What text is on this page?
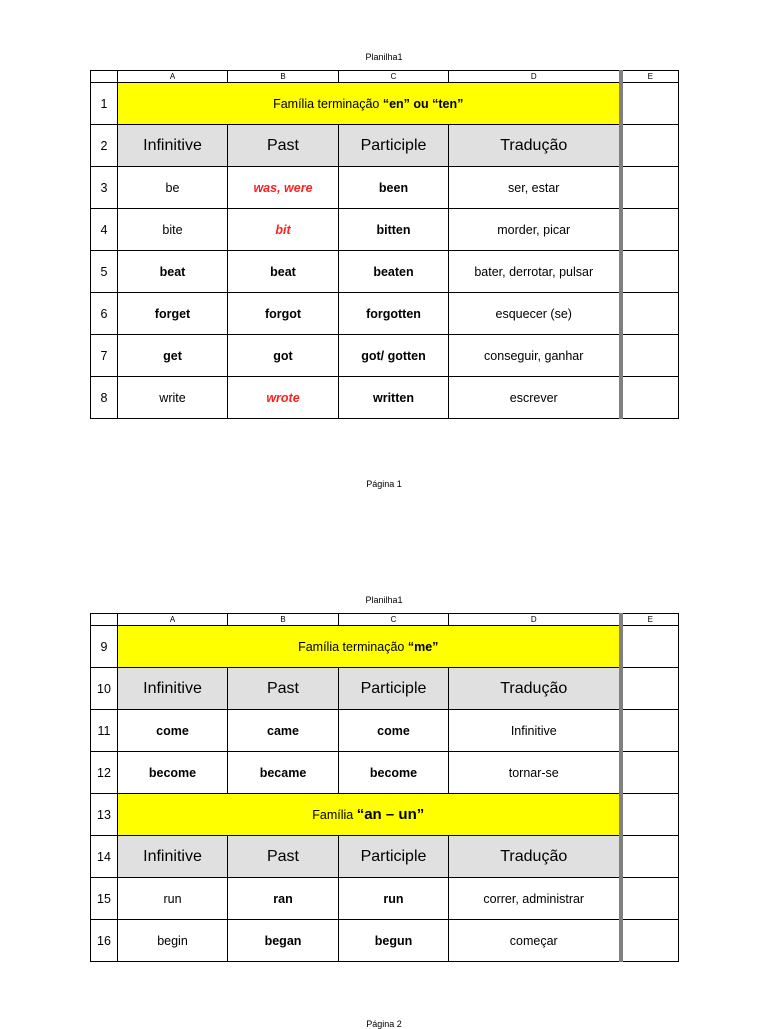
Planilha1
	A	B	C	D	E
1	Família terminação “en” ou “ten”				
2	Infinitive	Past	Participle	Tradução	
3	be	was, were	been	ser, estar	
4	bite	bit	bitten	morder, picar	
5	beat	beat	beaten	bater, derrotar, pulsar	
6	forget	forgot	forgotten	esquecer (se)	
7	get	got	got/ gotten	conseguir, ganhar	
8	write	wrote	written	escrever	
Página 1
Planilha1
	A	B	C	D	E
9	Família terminação “me”				
10	Infinitive	Past	Participle	Tradução	
11	come	came	come	Infinitive	
12	become	became	become	tornar-se	
13	Família “an – un”				
14	Infinitive	Past	Participle	Tradução	
15	run	ran	run	correr, administrar	
16	begin	began	begun	começar	
Página 2
